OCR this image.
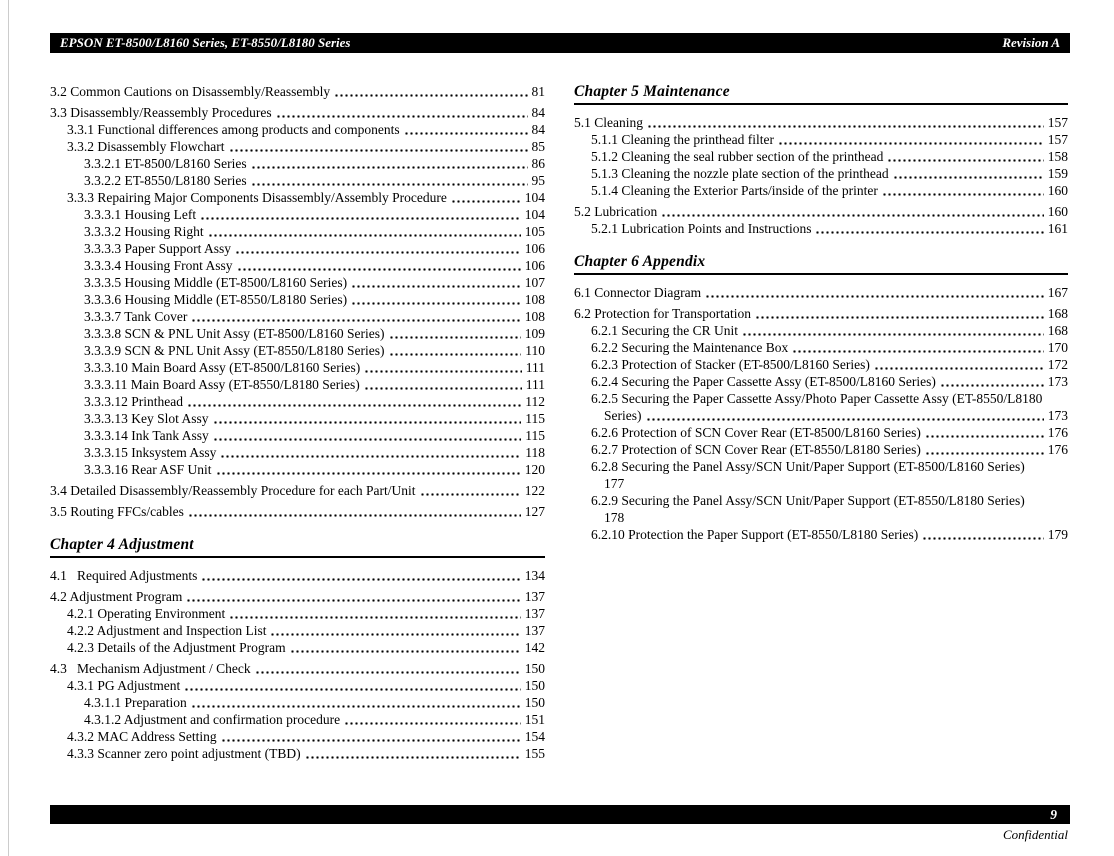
EPSON ET-8500/L8160 Series, ET-8550/L8180 Series	Revision A
3.2 Common Cautions on Disassembly/Reassembly	81
3.3 Disassembly/Reassembly Procedures	84
3.3.1 Functional differences among products and components	84
3.3.2 Disassembly Flowchart	85
3.3.2.1 ET-8500/L8160 Series	86
3.3.2.2 ET-8550/L8180 Series	95
3.3.3 Repairing Major Components Disassembly/Assembly Procedure	104
3.3.3.1 Housing Left	104
3.3.3.2 Housing Right	105
3.3.3.3 Paper Support Assy	106
3.3.3.4 Housing Front Assy	106
3.3.3.5 Housing Middle (ET-8500/L8160 Series)	107
3.3.3.6 Housing Middle (ET-8550/L8180 Series)	108
3.3.3.7 Tank Cover	108
3.3.3.8 SCN & PNL Unit Assy (ET-8500/L8160 Series)	109
3.3.3.9 SCN & PNL Unit Assy (ET-8550/L8180 Series)	110
3.3.3.10 Main Board Assy (ET-8500/L8160 Series)	111
3.3.3.11 Main Board Assy (ET-8550/L8180 Series)	111
3.3.3.12 Printhead	112
3.3.3.13 Key Slot Assy	115
3.3.3.14 Ink Tank Assy	115
3.3.3.15 Inksystem Assy	118
3.3.3.16 Rear ASF Unit	120
3.4 Detailed Disassembly/Reassembly Procedure for each Part/Unit	122
3.5 Routing FFCs/cables	127
Chapter 4 Adjustment
4.1   Required Adjustments	134
4.2 Adjustment Program	137
4.2.1 Operating Environment	137
4.2.2 Adjustment and Inspection List	137
4.2.3 Details of the Adjustment Program	142
4.3   Mechanism Adjustment / Check	150
4.3.1 PG Adjustment	150
4.3.1.1 Preparation	150
4.3.1.2 Adjustment and confirmation procedure	151
4.3.2 MAC Address Setting	154
4.3.3 Scanner zero point adjustment (TBD)	155
Chapter 5 Maintenance
5.1 Cleaning	157
5.1.1 Cleaning the printhead filter	157
5.1.2 Cleaning the seal rubber section of the printhead	158
5.1.3 Cleaning the nozzle plate section of the printhead	159
5.1.4 Cleaning the Exterior Parts/inside of the printer	160
5.2 Lubrication	160
5.2.1 Lubrication Points and Instructions	161
Chapter 6 Appendix
6.1 Connector Diagram	167
6.2 Protection for Transportation	168
6.2.1 Securing the CR Unit	168
6.2.2 Securing the Maintenance Box	170
6.2.3 Protection of Stacker (ET-8500/L8160 Series)	172
6.2.4 Securing the Paper Cassette Assy (ET-8500/L8160 Series)	173
6.2.5 Securing the Paper Cassette Assy/Photo Paper Cassette Assy (ET-8550/L8180
Series)	173
6.2.6 Protection of SCN Cover Rear (ET-8500/L8160 Series)	176
6.2.7 Protection of SCN Cover Rear (ET-8550/L8180 Series)	176
6.2.8 Securing the Panel Assy/SCN Unit/Paper Support (ET-8500/L8160 Series)
177
6.2.9 Securing the Panel Assy/SCN Unit/Paper Support (ET-8550/L8180 Series)
178
6.2.10 Protection the Paper Support (ET-8550/L8180 Series)	179
9
Confidential
